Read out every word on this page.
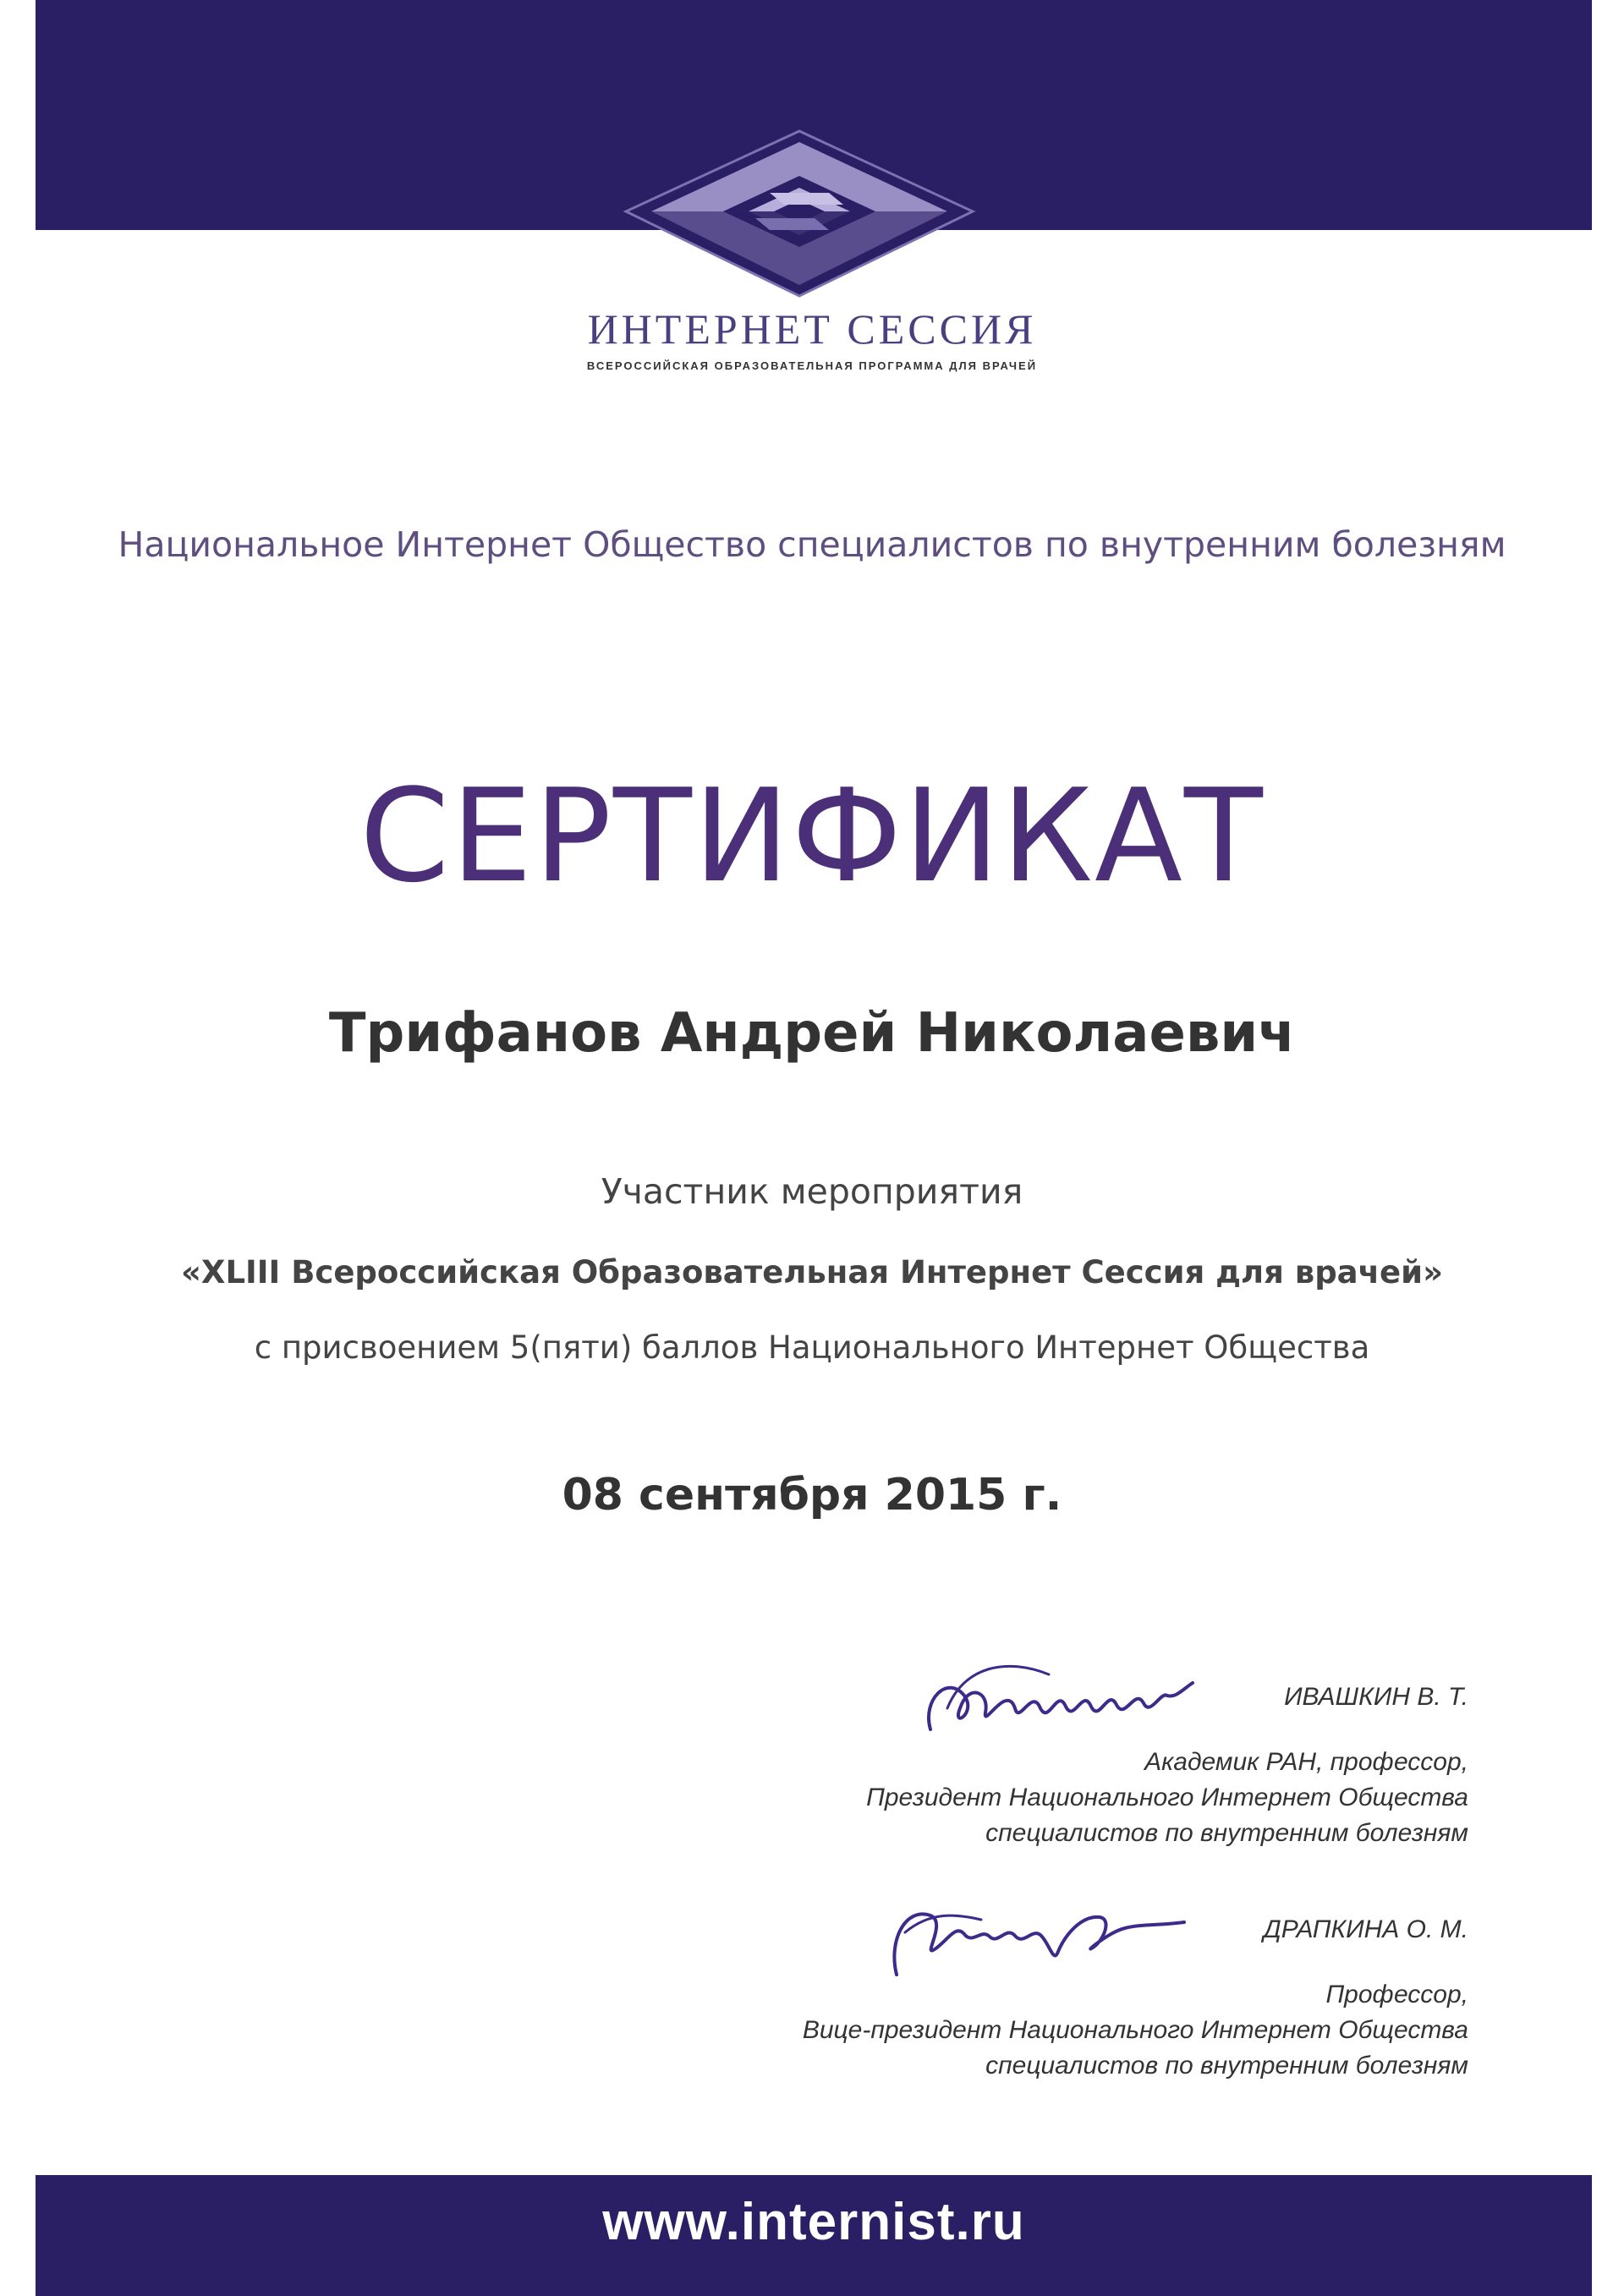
ИНТЕРНЕТ СЕССИЯ
ВСЕРОССИЙСКАЯ ОБРАЗОВАТЕЛЬНАЯ ПРОГРАММА ДЛЯ ВРАЧЕЙ
Национальное Интернет Общество специалистов по внутренним болезням
СЕРТИФИКАТ
Трифанов Андрей Николаевич
Участник мероприятия
«XLIII Всероссийская Образовательная Интернет Сессия для врачей»
с присвоением 5(пяти) баллов Национального Интернет Общества
08 сентября 2015 г.
ИВАШКИН В. Т.
Академик РАН, профессор,
Президент Национального Интернет Общества
специалистов по внутренним болезням
ДРАПКИНА О. М.
Профессор,
Вице-президент Национального Интернет Общества
специалистов по внутренним болезням
www.internist.ru
